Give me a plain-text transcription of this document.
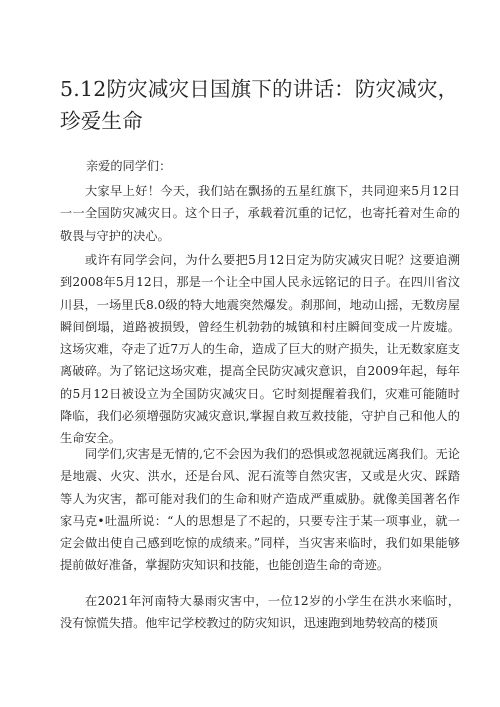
5.12防灾减灾日国旗下的讲话：防灾减灾，珍爱生命
亲爱的同学们：

大家早上好！今天，我们站在飘扬的五星红旗下，共同迎来5月12日一一全国防灾减灾日。这个日子，承载着沉重的记忆，也寄托着对生命的敬畏与守护的决心。

或许有同学会问，为什么要把5月12日定为防灾减灾日呢？这要追溯到2008年5月12日，那是一个让全中国人民永远铭记的日子。在四川省汶川县，一场里氏8.0级的特大地震突然爆发。刹那间，地动山摇，无数房屋瞬间倒塌，道路被损毁，曾经生机勃勃的城镇和村庄瞬间变成一片废墟。这场灾难，夺走了近7万人的生命，造成了巨大的财产损失，让无数家庭支离破碎。为了铭记这场灾难，提高全民防灾减灾意识，自2009年起，每年的5月12日被设立为全国防灾减灾日。它时刻提醒着我们，灾难可能随时降临，我们必须增强防灾减灾意识,掌握自救互救技能，守护自己和他人的生命安全。

同学们,灾害是无情的,它不会因为我们的恐惧或忽视就远离我们。无论是地震、火灾、洪水，还是台风、泥石流等自然灾害，又或是火灾、踩踏等人为灾害，都可能对我们的生命和财产造成严重威胁。就像美国著名作家马克•吐温所说：“人的思想是了不起的，只要专注于某一项事业，就一定会做出使自己感到吃惊的成绩来。”同样，当灾害来临时，我们如果能够提前做好准备，掌握防灾知识和技能，也能创造生命的奇迹。

在2021年河南特大暴雨灾害中，一位12岁的小学生在洪水来临时，没有惊慌失措。他牢记学校教过的防灾知识，迅速跑到地势较高的楼顶
